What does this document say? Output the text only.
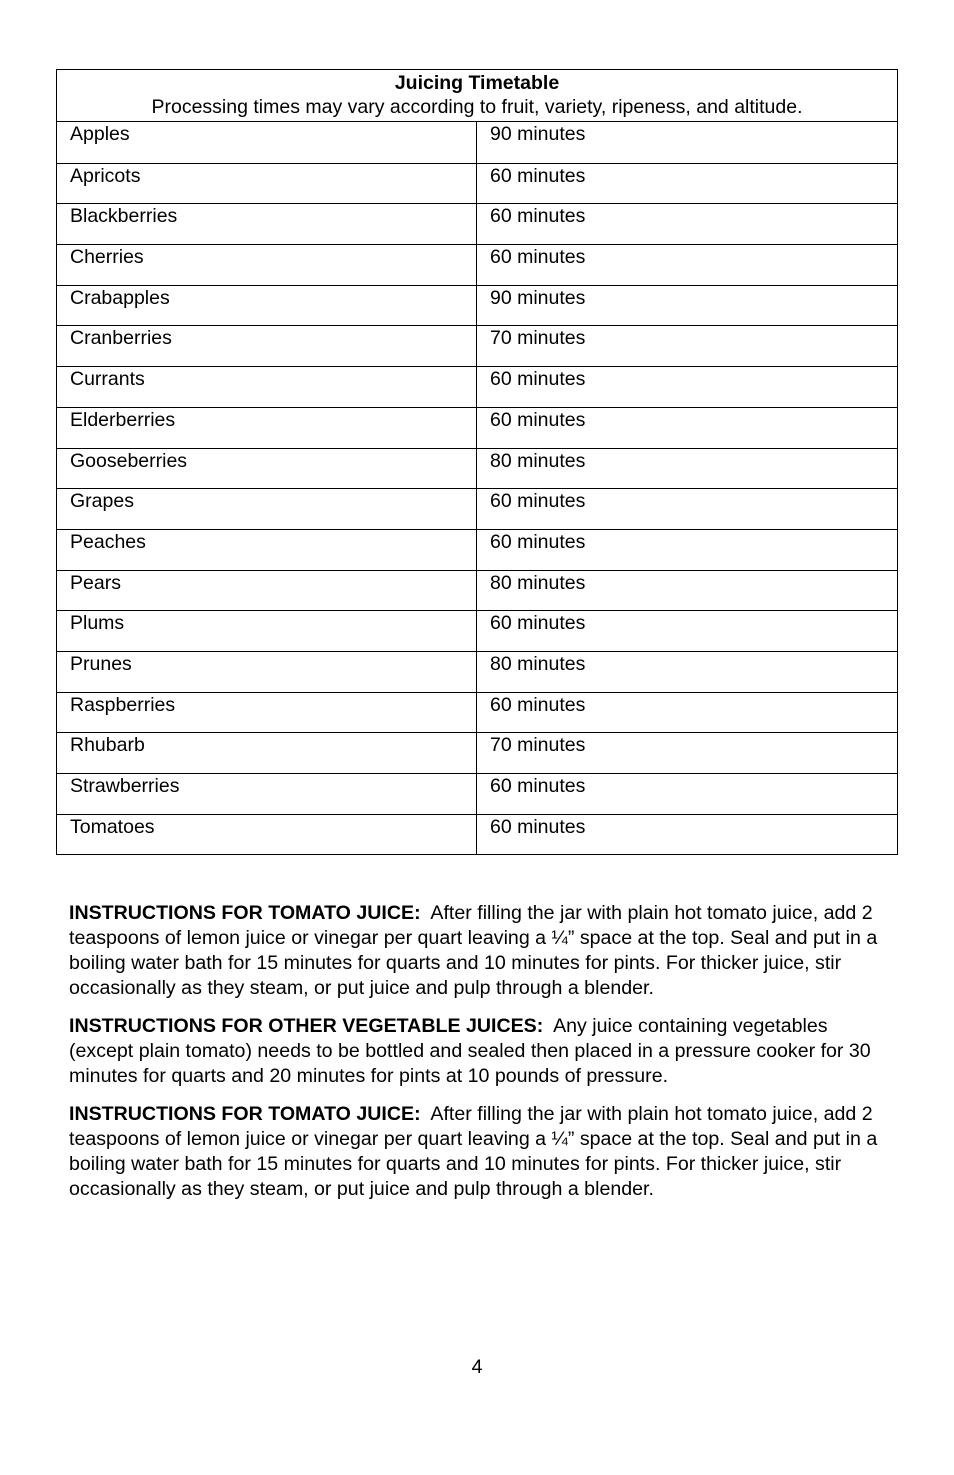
Juicing Timetable
Processing times may vary according to fruit, variety, ripeness, and altitude.
Apples	90 minutes
Apricots	60 minutes
Blackberries	60 minutes
Cherries	60 minutes
Crabapples	90 minutes
Cranberries	70 minutes
Currants	60 minutes
Elderberries	60 minutes
Gooseberries	80 minutes
Grapes	60 minutes
Peaches	60 minutes
Pears	80 minutes
Plums	60 minutes
Prunes	80 minutes
Raspberries	60 minutes
Rhubarb	70 minutes
Strawberries	60 minutes
Tomatoes	60 minutes

INSTRUCTIONS FOR TOMATO JUICE: After filling the jar with plain hot tomato juice, add 2 teaspoons of lemon juice or vinegar per quart leaving a ¼” space at the top. Seal and put in a boiling water bath for 15 minutes for quarts and 10 minutes for pints. For thicker juice, stir occasionally as they steam, or put juice and pulp through a blender.

INSTRUCTIONS FOR OTHER VEGETABLE JUICES: Any juice containing vegetables (except plain tomato) needs to be bottled and sealed then placed in a pressure cooker for 30 minutes for quarts and 20 minutes for pints at 10 pounds of pressure.

INSTRUCTIONS FOR TOMATO JUICE: After filling the jar with plain hot tomato juice, add 2 teaspoons of lemon juice or vinegar per quart leaving a ¼” space at the top. Seal and put in a boiling water bath for 15 minutes for quarts and 10 minutes for pints. For thicker juice, stir occasionally as they steam, or put juice and pulp through a blender.

4
